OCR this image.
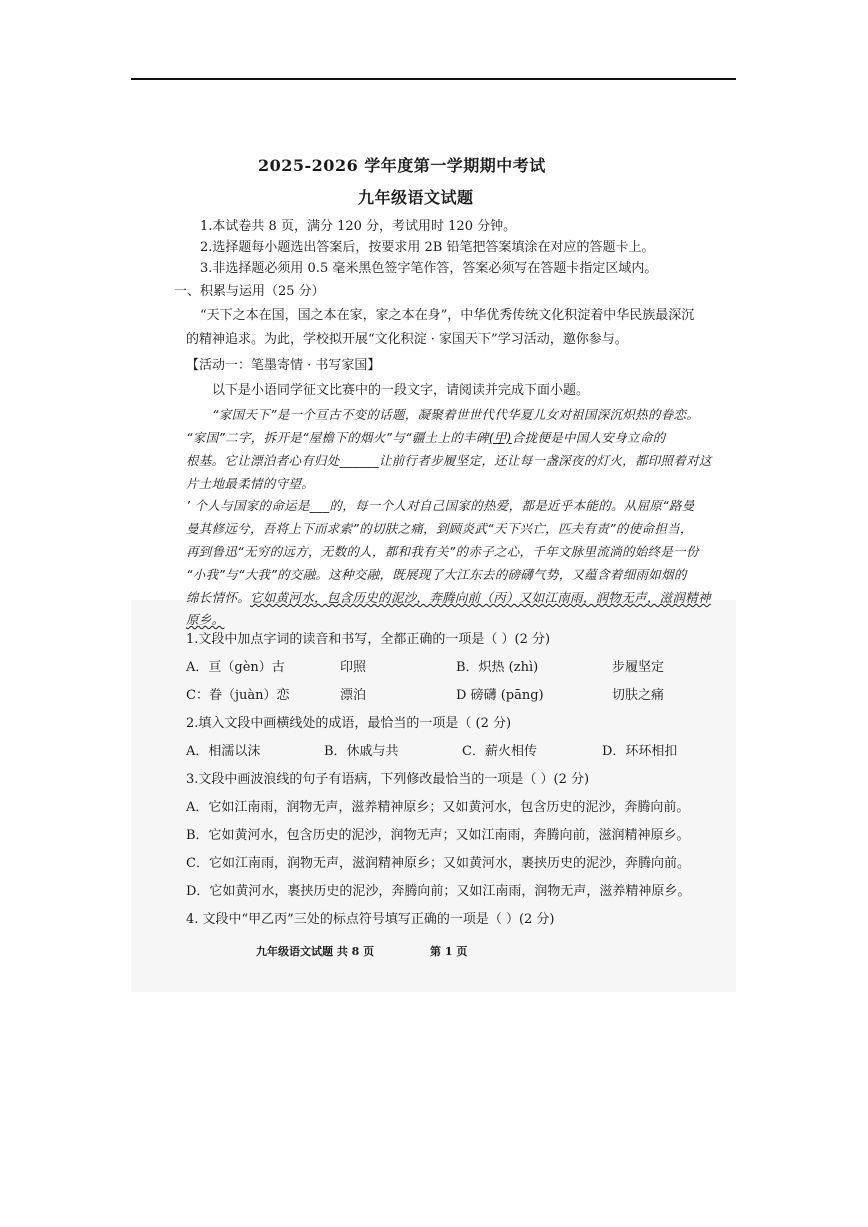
2025-2026 学年度第一学期期中考试
九年级语文试题
1.本试卷共 8 页，满分 120 分，考试用时 120 分钟。
2.选择题每小题选出答案后，按要求用 2B 铅笔把答案填涂在对应的答题卡上。
3.非选择题必须用 0.5 毫米黑色签字笔作答，答案必须写在答题卡指定区域内。
一、积累与运用（25 分）
“天下之本在国，国之本在家，家之本在身”，中华优秀传统文化积淀着中华民族最深沉
的精神追求。为此，学校拟开展“文化积淀 · 家国天下”学习活动，邀你参与。
【活动一：笔墨寄情 · 书写家国】
以下是小语同学征文比赛中的一段文字，请阅读并完成下面小题。
“家国天下”是一个亘古不变的话题，凝聚着世世代代华夏儿女对祖国深沉炽热的眷恋。
“家国”二字，拆开是“屋檐下的烟火”与“疆土上的丰碑(甲)合拢便是中国人安身立命的
根基。它让漂泊者心有归处______让前行者步履坚定，还让每一盏深夜的灯火，都印照着对这
片土地最柔情的守望。
’ 个人与国家的命运是___的，每一个人对自己国家的热爱，都是近乎本能的。从屈原“路曼
曼其修远兮，吾将上下而求索”的切肤之痛，到顾炎武“天下兴亡，匹夫有责”的使命担当，
再到鲁迅“无穷的远方，无数的人，都和我有关”的赤子之心，千年文脉里流淌的始终是一份
“小我”与“大我”的交融。这种交融，既展现了大江东去的磅礴气势，又蕴含着细雨如烟的
绵长情怀。它如黄河水，包含历史的泥沙，奔腾向前（丙）又如江南雨，润物无声，滋润精神
原乡。
1.文段中加点字词的读音和书写，全都正确的一项是（ ）(2 分)
A．亘（gèn）古	印照	B．炽热 (zhì)	步履坚定
C：眷（juàn）恋	漂泊	D 磅礴 (pāng)	切肤之痛
2.填入文段中画横线处的成语，最恰当的一项是（ (2 分)
A．相濡以沫	B．休戚与共	C．薪火相传	D．环环相扣
3.文段中画波浪线的句子有语病，下列修改最恰当的一项是（ ）(2 分)
A．它如江南雨，润物无声，滋养精神原乡；又如黄河水，包含历史的泥沙，奔腾向前。
B．它如黄河水，包含历史的泥沙，润物无声；又如江南雨，奔腾向前，滋润精神原乡。
C．它如江南雨，润物无声，滋润精神原乡；又如黄河水，裹挟历史的泥沙，奔腾向前。
D．它如黄河水，裹挟历史的泥沙，奔腾向前；又如江南雨，润物无声，滋养精神原乡。
4. 文段中“甲乙丙”三处的标点符号填写正确的一项是（ ）(2 分)
九年级语文试题 共 8 页	第 1 页
